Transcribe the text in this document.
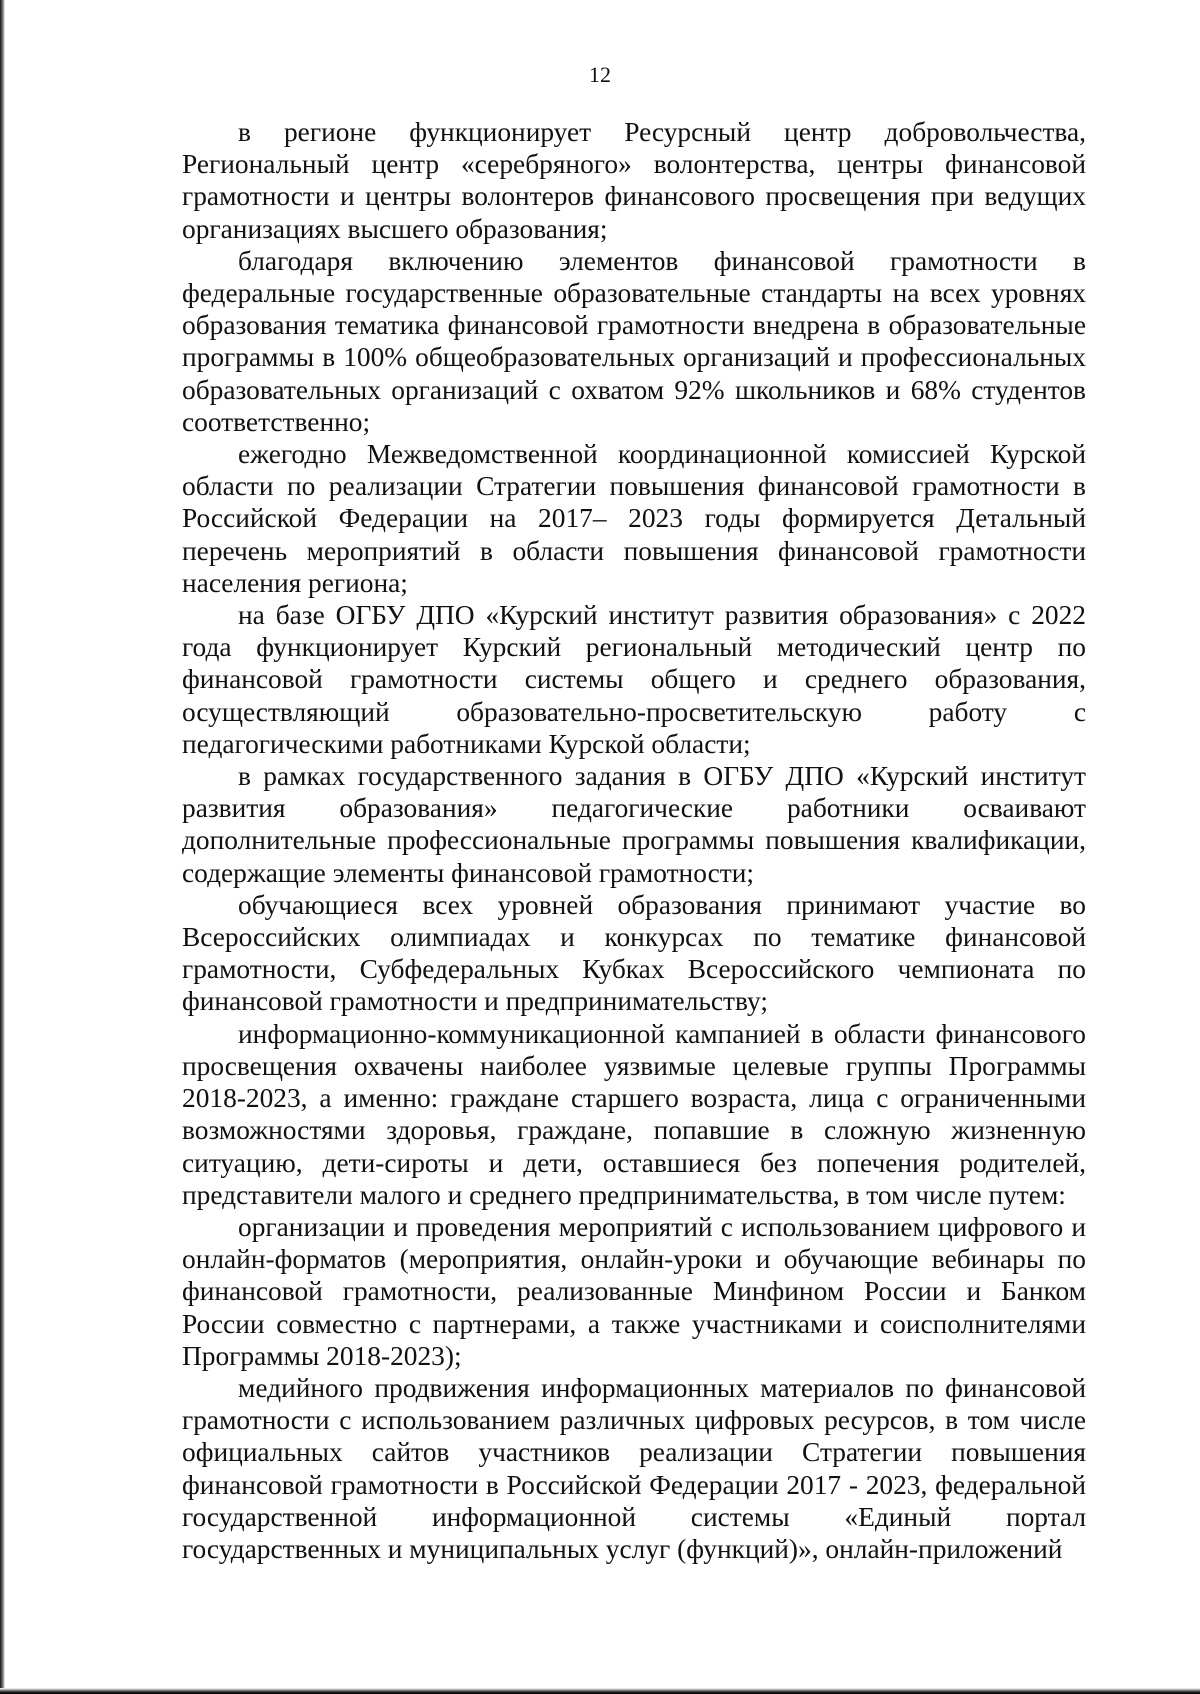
12

в регионе функционирует Ресурсный центр добровольчества, Региональный центр «серебряного» волонтерства, центры финансовой грамотности и центры волонтеров финансового просвещения при ведущих организациях высшего образования;

благодаря включению элементов финансовой грамотности в федеральные государственные образовательные стандарты на всех уровнях образования тематика финансовой грамотности внедрена в образовательные программы в 100% общеобразовательных организаций и профессиональных образовательных организаций с охватом 92% школьников и 68% студентов соответственно;

ежегодно Межведомственной координационной комиссией Курской области по реализации Стратегии повышения финансовой грамотности в Российской Федерации на 2017– 2023 годы формируется Детальный перечень мероприятий в области повышения финансовой грамотности населения региона;

на базе ОГБУ ДПО «Курский институт развития образования» с 2022 года функционирует Курский региональный методический центр по финансовой грамотности системы общего и среднего образования, осуществляющий образовательно-просветительскую работу с педагогическими работниками Курской области;

в рамках государственного задания в ОГБУ ДПО «Курский институт развития образования» педагогические работники осваивают дополнительные профессиональные программы повышения квалификации, содержащие элементы финансовой грамотности;

обучающиеся всех уровней образования принимают участие во Всероссийских олимпиадах и конкурсах по тематике финансовой грамотности, Субфедеральных Кубках Всероссийского чемпионата по финансовой грамотности и предпринимательству;

информационно-коммуникационной кампанией в области финансового просвещения охвачены наиболее уязвимые целевые группы Программы 2018-2023, а именно: граждане старшего возраста, лица с ограниченными возможностями здоровья, граждане, попавшие в сложную жизненную ситуацию, дети-сироты и дети, оставшиеся без попечения родителей, представители малого и среднего предпринимательства, в том числе путем:

организации и проведения мероприятий с использованием цифрового и онлайн-форматов (мероприятия, онлайн-уроки и обучающие вебинары по финансовой грамотности, реализованные Минфином России и Банком России совместно с партнерами, а также участниками и соисполнителями Программы 2018-2023);

медийного продвижения информационных материалов по финансовой грамотности с использованием различных цифровых ресурсов, в том числе официальных сайтов участников реализации Стратегии повышения финансовой грамотности в Российской Федерации 2017 - 2023, федеральной государственной информационной системы «Единый портал государственных и муниципальных услуг (функций)», онлайн-приложений
